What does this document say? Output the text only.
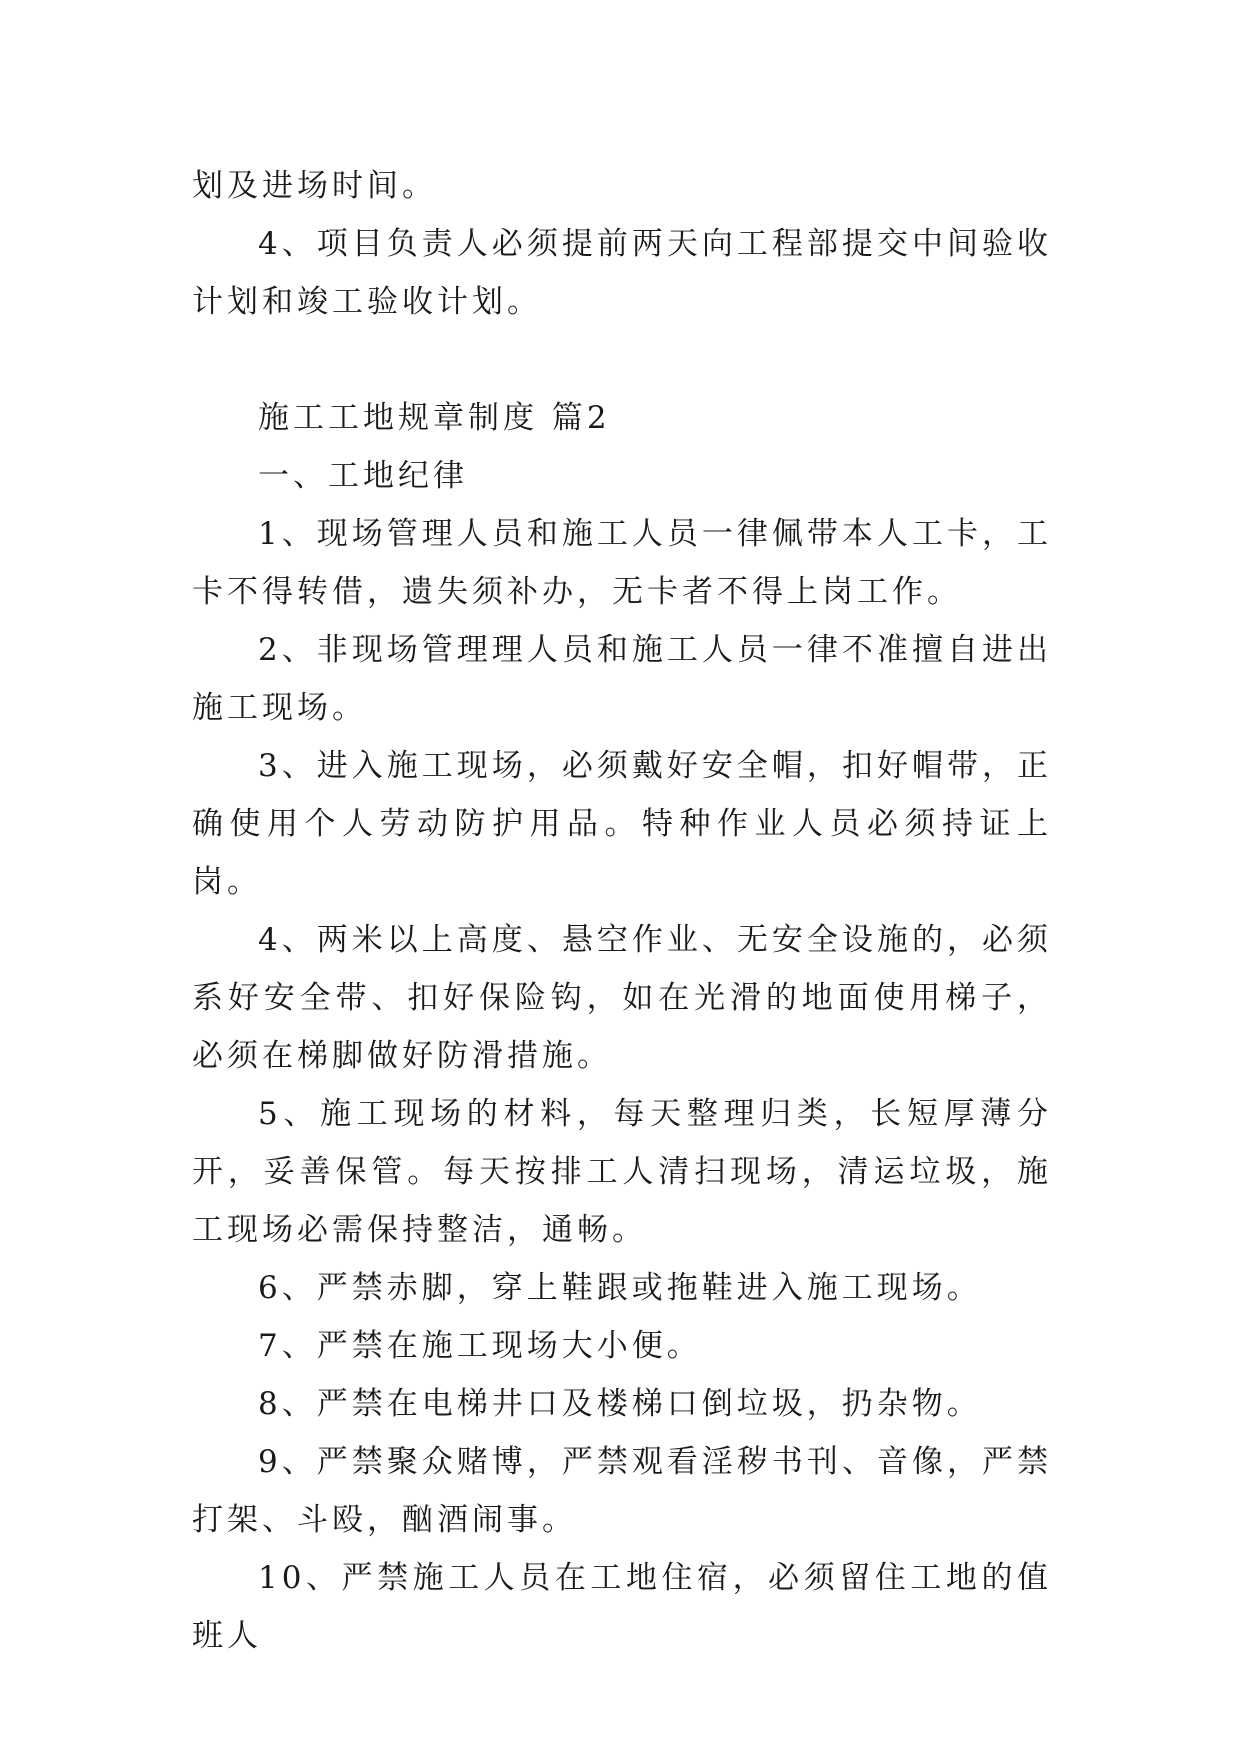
划及进场时间。

4、项目负责人必须提前两天向工程部提交中间验收计划和竣工验收计划。

施工工地规章制度 篇2

一、工地纪律

1、现场管理人员和施工人员一律佩带本人工卡，工卡不得转借，遗失须补办，无卡者不得上岗工作。

2、非现场管理理人员和施工人员一律不准擅自进出施工现场。

3、进入施工现场，必须戴好安全帽，扣好帽带，正确使用个人劳动防护用品。特种作业人员必须持证上岗。

4、两米以上高度、悬空作业、无安全设施的，必须系好安全带、扣好保险钩，如在光滑的地面使用梯子，必须在梯脚做好防滑措施。

5、施工现场的材料，每天整理归类，长短厚薄分开，妥善保管。每天按排工人清扫现场，清运垃圾，施工现场必需保持整洁，通畅。

6、严禁赤脚，穿上鞋跟或拖鞋进入施工现场。

7、严禁在施工现场大小便。

8、严禁在电梯井口及楼梯口倒垃圾，扔杂物。

9、严禁聚众赌博，严禁观看淫秽书刊、音像，严禁打架、斗殴，酗酒闹事。

10、严禁施工人员在工地住宿，必须留住工地的值班人
